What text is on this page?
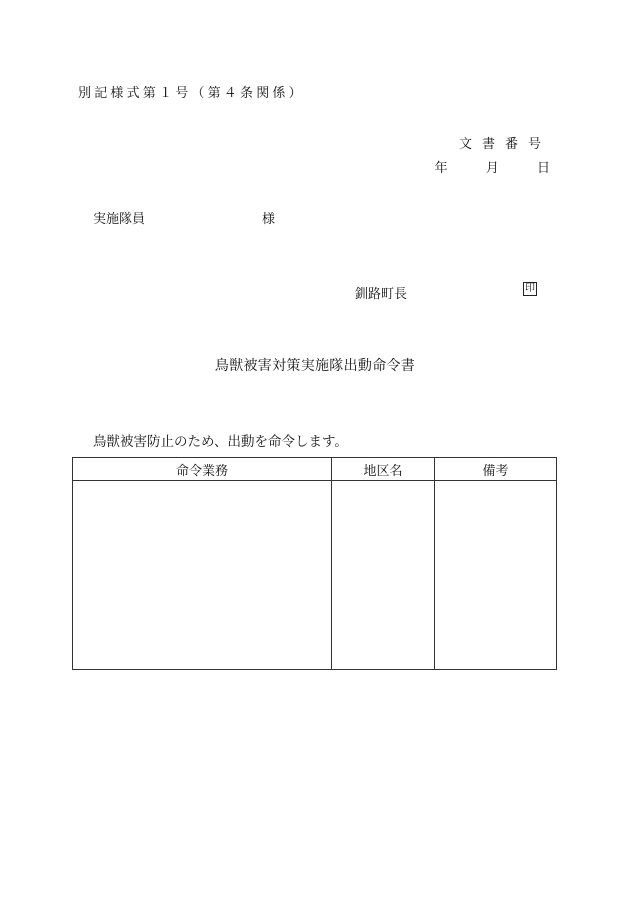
別記様式第１号（第４条関係）
文書番号
年	月	日
実施隊員	様
釧路町長	印
鳥獣被害対策実施隊出動命令書
鳥獣被害防止のため、出動を命令します。
命令業務	地区名	備考
